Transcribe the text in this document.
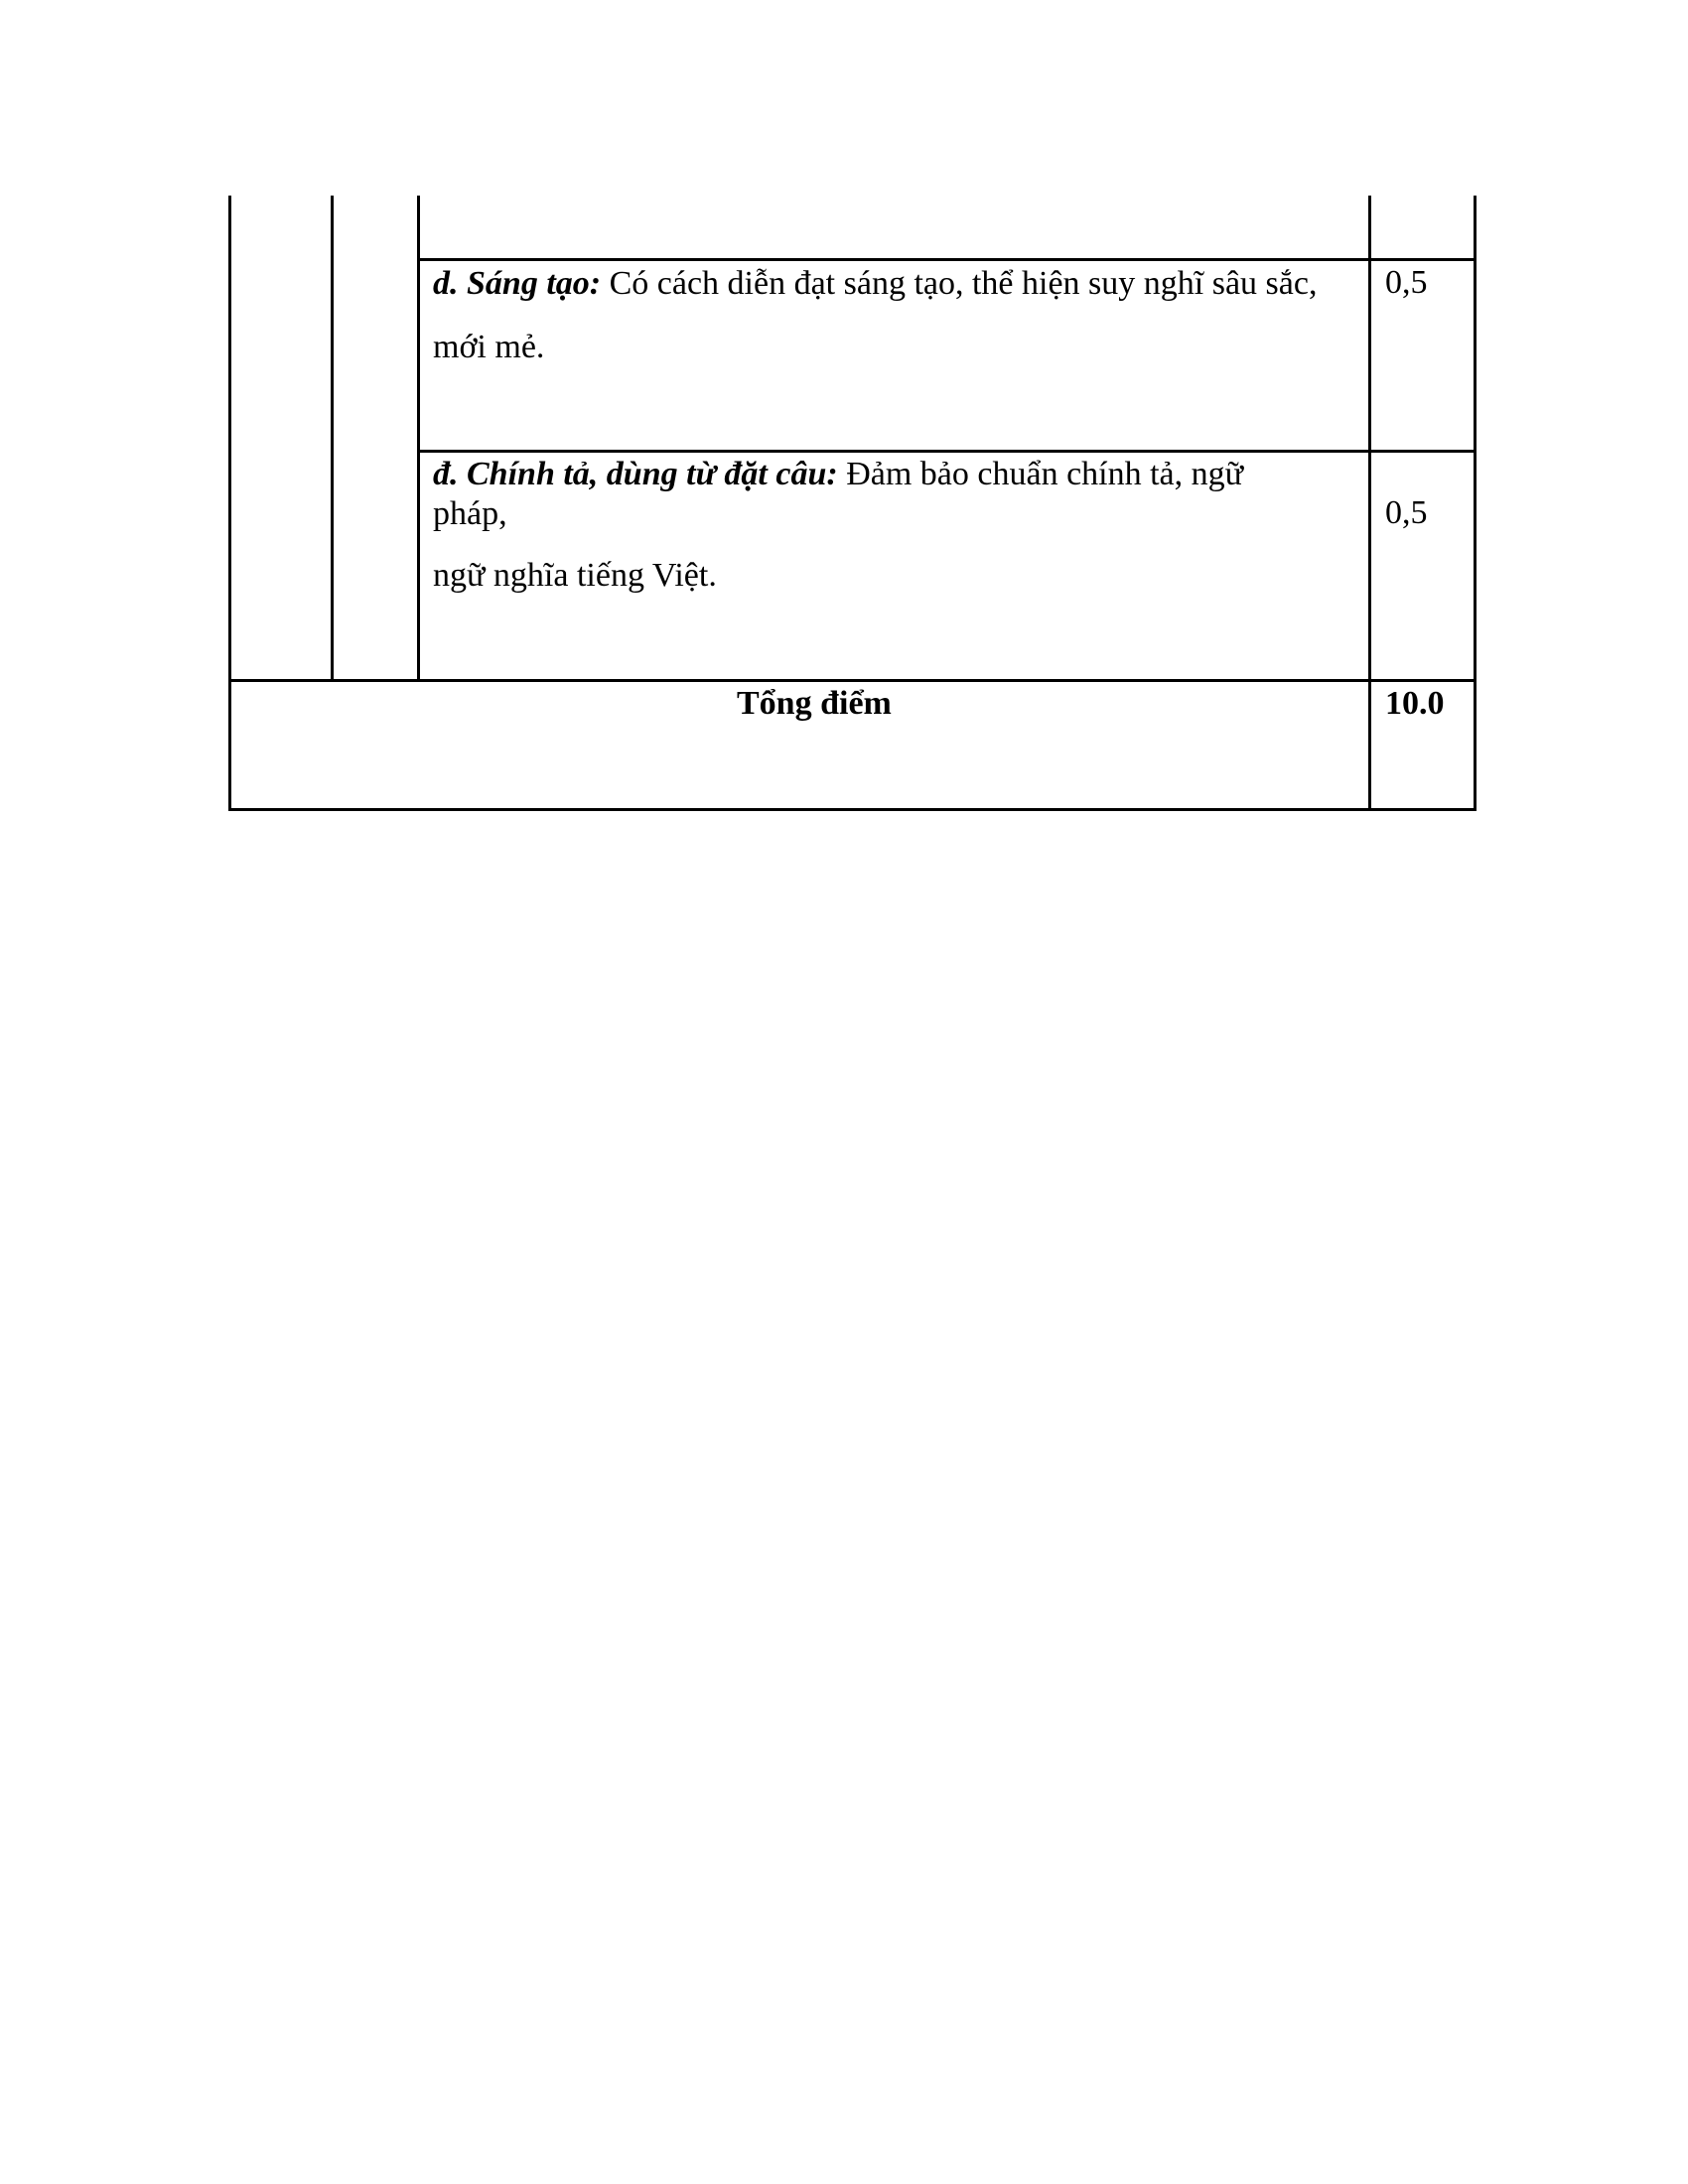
d. Sáng tạo: Có cách diễn đạt sáng tạo, thể hiện suy nghĩ sâu sắc,
mới mẻ.
0,5
đ. Chính tả, dùng từ đặt câu: Đảm bảo chuẩn chính tả, ngữ
pháp,
ngữ nghĩa tiếng Việt.
0,5
Tổng điểm	10.0
